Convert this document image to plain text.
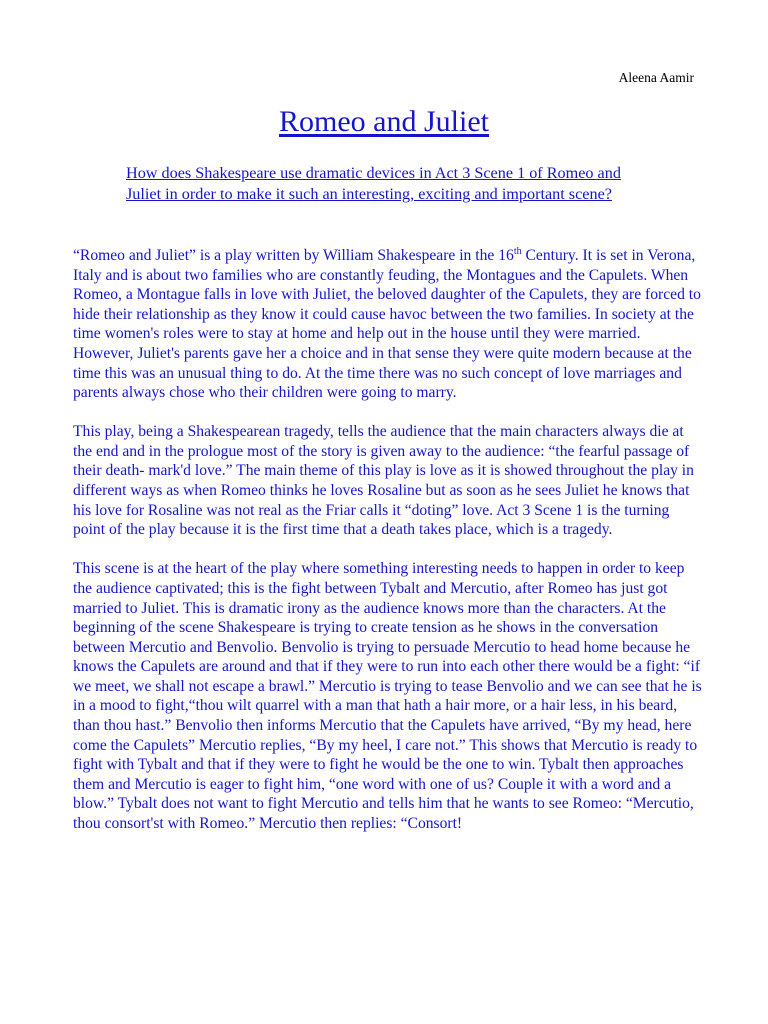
Aleena Aamir
Romeo and Juliet
How does Shakespeare use dramatic devices in Act 3 Scene 1 of Romeo and Juliet in order to make it such an interesting, exciting and important scene?

“Romeo and Juliet” is a play written by William Shakespeare in the 16th Century. It is set in Verona, Italy and is about two families who are constantly feuding, the Montagues and the Capulets. When Romeo, a Montague falls in love with Juliet, the beloved daughter of the Capulets, they are forced to hide their relationship as they know it could cause havoc between the two families. In society at the time women's roles were to stay at home and help out in the house until they were married. However, Juliet's parents gave her a choice and in that sense they were quite modern because at the time this was an unusual thing to do. At the time there was no such concept of love marriages and parents always chose who their children were going to marry.

This play, being a Shakespearean tragedy, tells the audience that the main characters always die at the end and in the prologue most of the story is given away to the audience: “the fearful passage of their death- mark'd love.” The main theme of this play is love as it is showed throughout the play in different ways as when Romeo thinks he loves Rosaline but as soon as he sees Juliet he knows that his love for Rosaline was not real as the Friar calls it “doting” love. Act 3 Scene 1 is the turning point of the play because it is the first time that a death takes place, which is a tragedy.

This scene is at the heart of the play where something interesting needs to happen in order to keep the audience captivated; this is the fight between Tybalt and Mercutio, after Romeo has just got married to Juliet. This is dramatic irony as the audience knows more than the characters. At the beginning of the scene Shakespeare is trying to create tension as he shows in the conversation between Mercutio and Benvolio. Benvolio is trying to persuade Mercutio to head home because he knows the Capulets are around and that if they were to run into each other there would be a fight: “if we meet, we shall not escape a brawl.” Mercutio is trying to tease Benvolio and we can see that he is in a mood to fight,“thou wilt quarrel with a man that hath a hair more, or a hair less, in his beard, than thou hast.” Benvolio then informs Mercutio that the Capulets have arrived, “By my head, here come the Capulets” Mercutio replies, “By my heel, I care not.” This shows that Mercutio is ready to fight with Tybalt and that if they were to fight he would be the one to win. Tybalt then approaches them and Mercutio is eager to fight him, “one word with one of us? Couple it with a word and a blow.” Tybalt does not want to fight Mercutio and tells him that he wants to see Romeo: “Mercutio, thou consort'st with Romeo.” Mercutio then replies: “Consort!
